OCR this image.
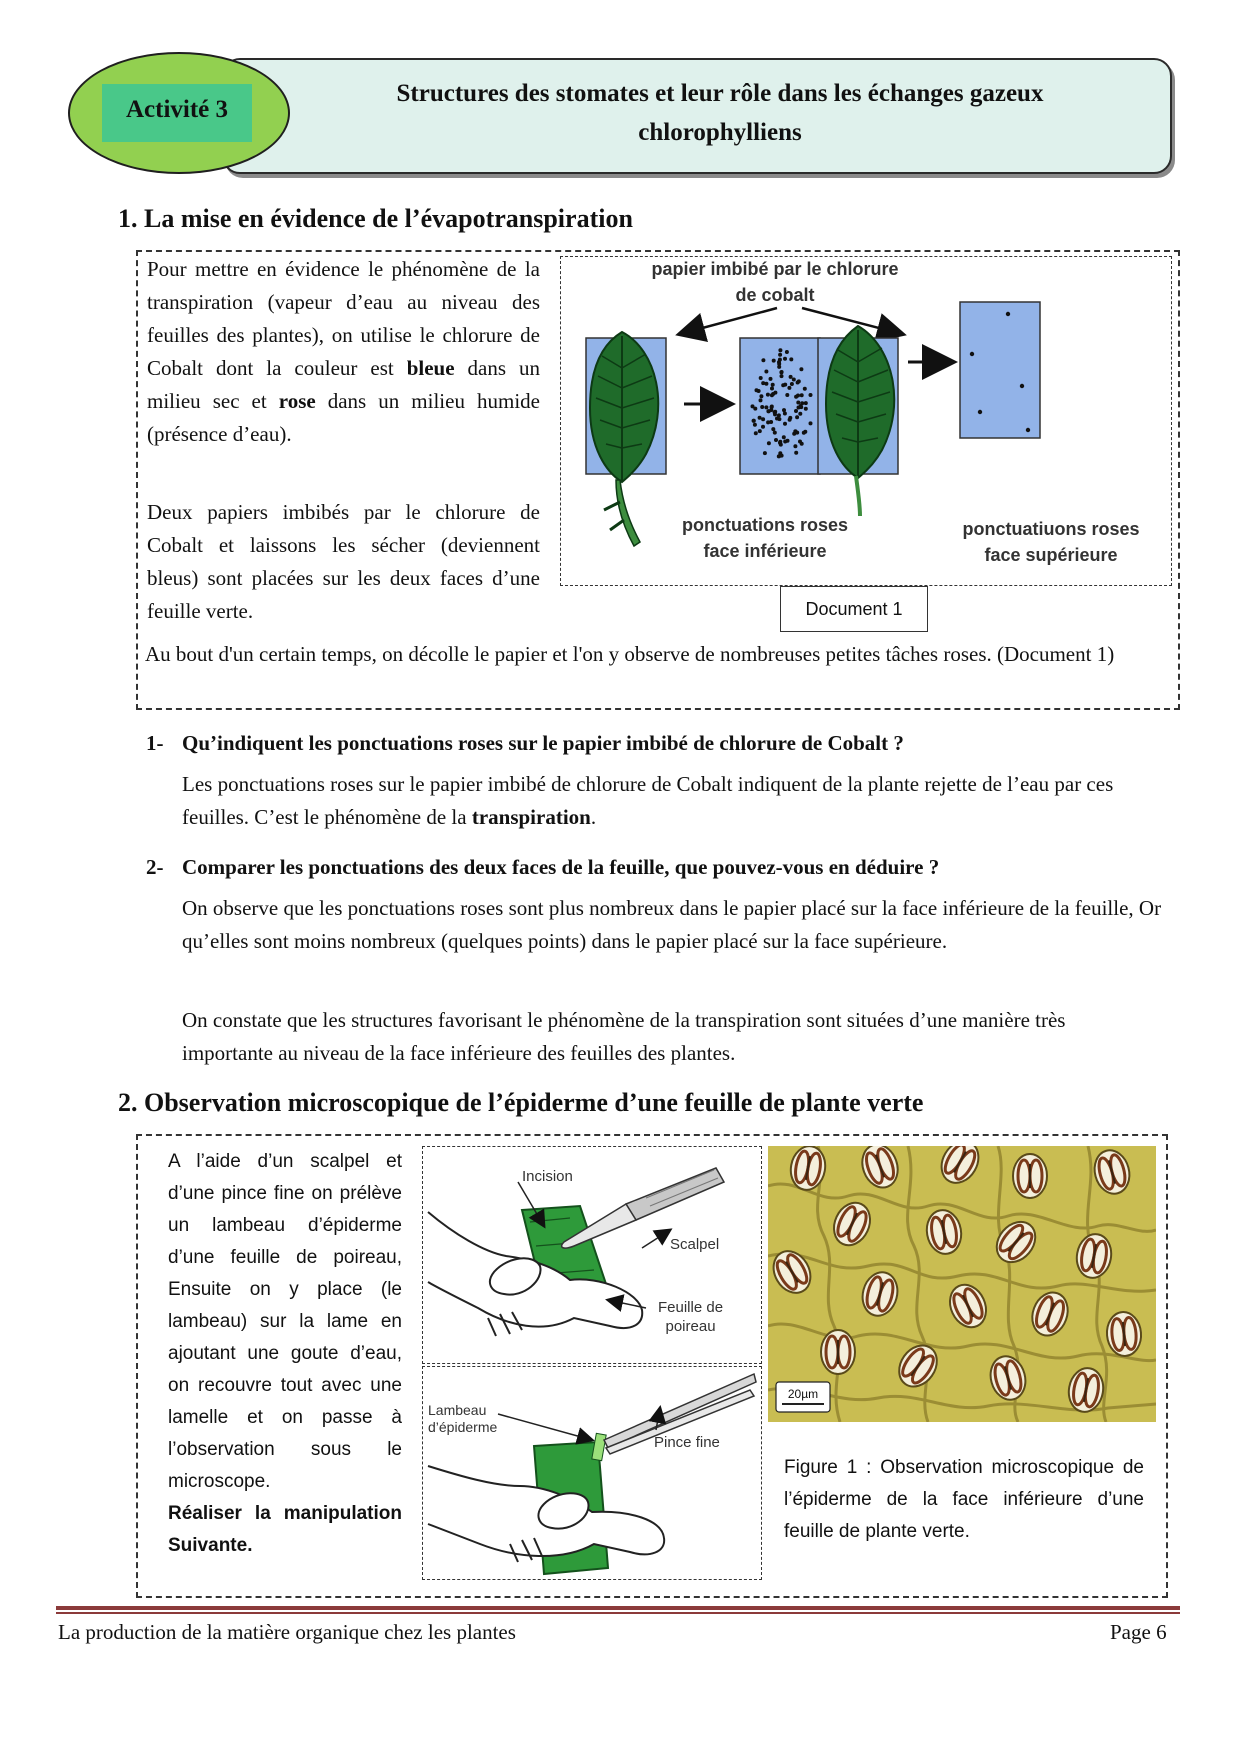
Structures des stomates et leur rôle dans les échanges gazeux
chlorophylliens
Activité 3
1. La mise en évidence de l’évapotranspiration
Pour mettre en évidence le phénomène de la transpiration (vapeur d’eau au niveau des feuilles des plantes), on utilise le chlorure de Cobalt dont la couleur est bleue dans un milieu sec et rose dans un milieu humide (présence d’eau).
Deux papiers imbibés par le chlorure de Cobalt et laissons les sécher (deviennent bleus) sont placées sur les deux faces d’une feuille verte.
papier imbibé par le chlorure
de cobalt
ponctuations roses
face inférieure
ponctuatiuons roses
face supérieure
Document 1
Au bout d'un certain temps, on décolle le papier et l'on y observe de nombreuses petites tâches roses. (Document 1)
1- Qu’indiquent les ponctuations roses sur le papier imbibé de chlorure de Cobalt ?
Les ponctuations roses sur le papier imbibé de chlorure de Cobalt indiquent de la plante rejette de l’eau par ces feuilles. C’est le phénomène de la transpiration.
2- Comparer les ponctuations des deux faces de la feuille, que pouvez-vous en déduire ?
On observe que les ponctuations roses sont plus nombreux dans le papier placé sur la face inférieure de la feuille, Or qu’elles sont moins nombreux (quelques points) dans le papier placé sur la face supérieure.
On constate que les structures favorisant le phénomène de la transpiration sont situées d’une manière très importante au niveau de la face inférieure des feuilles des plantes.
2. Observation microscopique de l’épiderme d’une feuille de plante verte
A l’aide d’un scalpel et d’une pince fine on prélève un lambeau d’épiderme d’une feuille de poireau, Ensuite on y place (le lambeau) sur la lame en ajoutant une goute d’eau, on recouvre tout avec une lamelle et on passe à l’observation sous le microscope.
Réaliser la manipulation Suivante.
Incision
Scalpel
Feuille de
poireau
Lambeau
d’épiderme
Pince fine
20µm
Figure 1 : Observation microscopique de l’épiderme de la face inférieure d’une feuille de plante verte.
La production de la matière organique chez les plantes	Page 6
